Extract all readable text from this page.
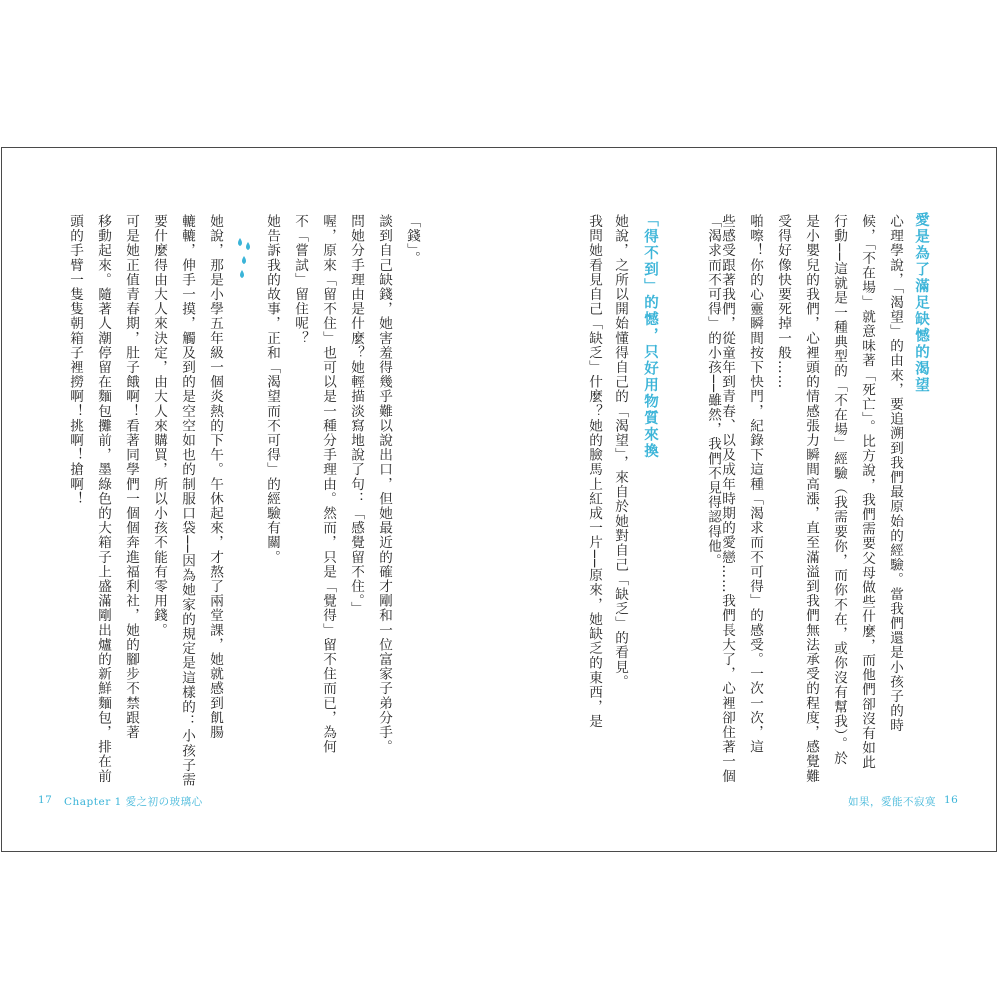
愛是為了滿足缺憾的渴望
心理學說，「渴望」的由來，要追溯到我們最原始的經驗。當我們還是小孩子的時
候，「不在場」就意味著「死亡」。比方說，我們需要父母做些什麼，而他們卻沒有如此
行動──這就是一種典型的「不在場」經驗（我需要你，而你不在，或你沒有幫我）。於
是小嬰兒的我們，心裡頭的情感張力瞬間高漲，直至滿溢到我們無法承受的程度，感覺難
受得好像快要死掉一般……
啪嚓！你的心靈瞬間按下快門，紀錄下這種「渴求而不可得」的感受。一次一次，這
些感受跟著我們，從童年到青春、以及成年時期的愛戀……我們長大了，心裡卻住著一個
「渴求而不可得」的小孩──雖然，我們不見得認得他。
「得不到」的憾，只好用物質來換
她說，之所以開始懂得自己的「渴望」，來自於她對自己「缺乏」的看見。
我問她看見自己「缺乏」什麼？她的臉馬上紅成一片──原來，她缺乏的東西，是
「錢」。
談到自己缺錢，她害羞得幾乎難以說出口，但她最近的確才剛和一位富家子弟分手。
問她分手理由是什麼？她輕描淡寫地說了句：「感覺留不住。」
喔，原來「留不住」也可以是一種分手理由。然而，只是「覺得」留不住而已，為何
不「嘗試」留住呢？
她告訴我的故事，正和「渴望而不可得」的經驗有關。
她說，那是小學五年級一個炎熱的下午。午休起來，才熬了兩堂課，她就感到飢腸
轆轆，伸手一摸，觸及到的是空空如也的制服口袋──因為她家的規定是這樣的：小孩子需
要什麼得由大人來決定，由大人來購買，所以小孩不能有零用錢。
可是她正值青春期，肚子餓啊！看著同學們一個個奔進福利社，她的腳步不禁跟著
移動起來。隨著人潮停留在麵包攤前，墨綠色的大箱子上盛滿剛出爐的新鮮麵包，排在前
頭的手臂一隻隻朝箱子裡撈啊！挑啊！搶啊！
17 Chapter 1 愛之初の玻璃心	如果，愛能不寂寞 16
